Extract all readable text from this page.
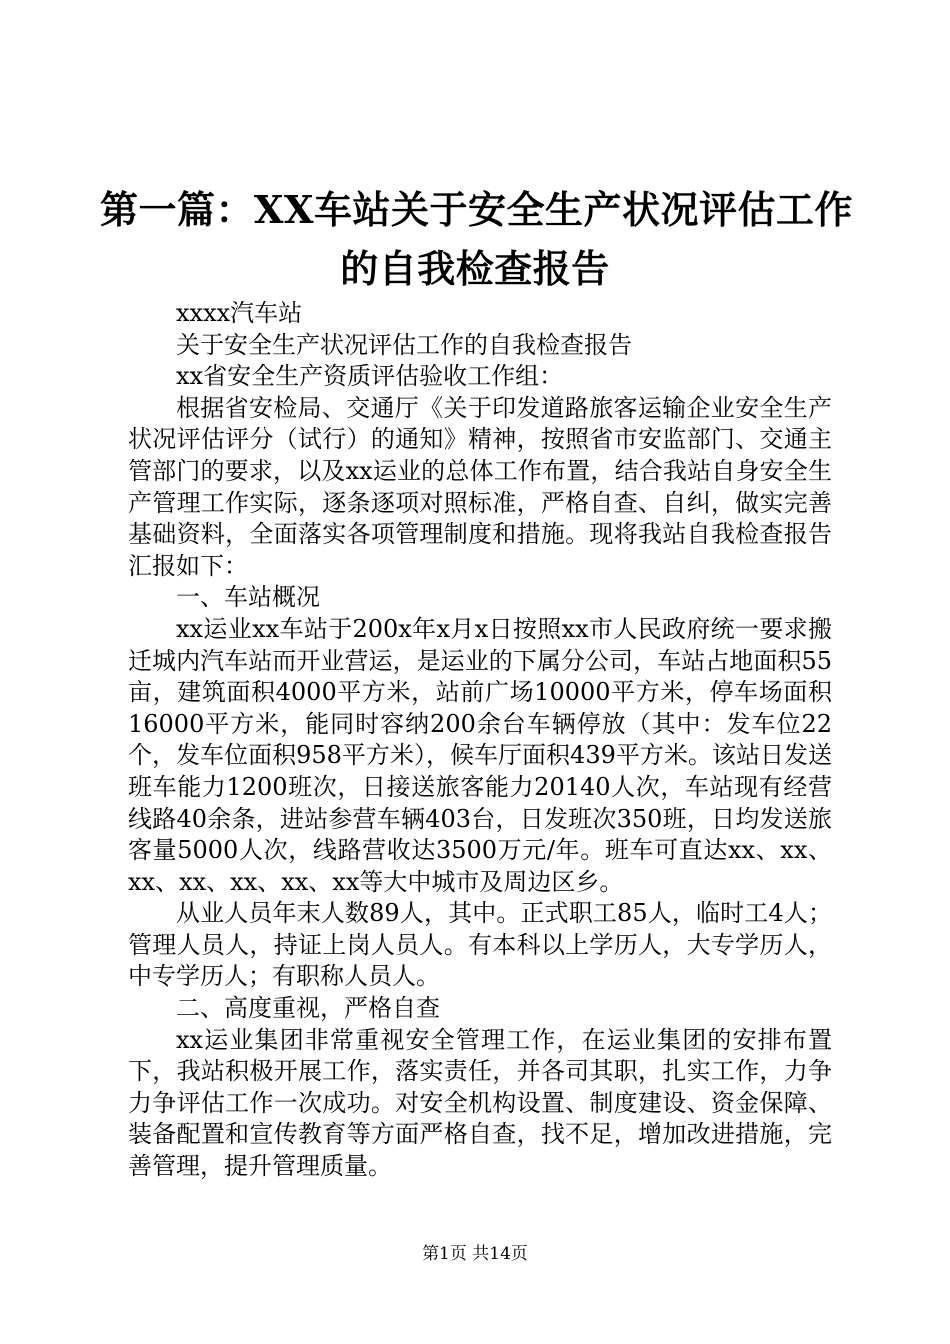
第一篇：XX车站关于安全生产状况评估工作
的自我检查报告

xxxx汽车站

关于安全生产状况评估工作的自我检查报告

xx省安全生产资质评估验收工作组：

根据省安检局、交通厅《关于印发道路旅客运输企业安全生产状况评估评分（试行）的通知》精神，按照省市安监部门、交通主管部门的要求，以及xx运业的总体工作布置，结合我站自身安全生产管理工作实际，逐条逐项对照标准，严格自查、自纠，做实完善基础资料，全面落实各项管理制度和措施。现将我站自我检查报告汇报如下：

一、车站概况

xx运业xx车站于200x年x月x日按照xx市人民政府统一要求搬迁城内汽车站而开业营运，是运业的下属分公司，车站占地面积55亩，建筑面积4000平方米，站前广场10000平方米，停车场面积16000平方米，能同时容纳200余台车辆停放（其中：发车位22个，发车位面积958平方米），候车厅面积439平方米。该站日发送班车能力1200班次，日接送旅客能力20140人次，车站现有经营线路40余条，进站参营车辆403台，日发班次350班，日均发送旅客量5000人次，线路营收达3500万元/年。班车可直达xx、xx、xx、xx、xx、xx、xx等大中城市及周边区乡。

从业人员年末人数89人，其中。正式职工85人，临时工4人；管理人员人，持证上岗人员人。有本科以上学历人，大专学历人，中专学历人；有职称人员人。

二、高度重视，严格自查

xx运业集团非常重视安全管理工作，在运业集团的安排布置下，我站积极开展工作，落实责任，并各司其职，扎实工作，力争力争评估工作一次成功。对安全机构设置、制度建设、资金保障、装备配置和宣传教育等方面严格自查，找不足，增加改进措施，完善管理，提升管理质量。

第1页 共14页
